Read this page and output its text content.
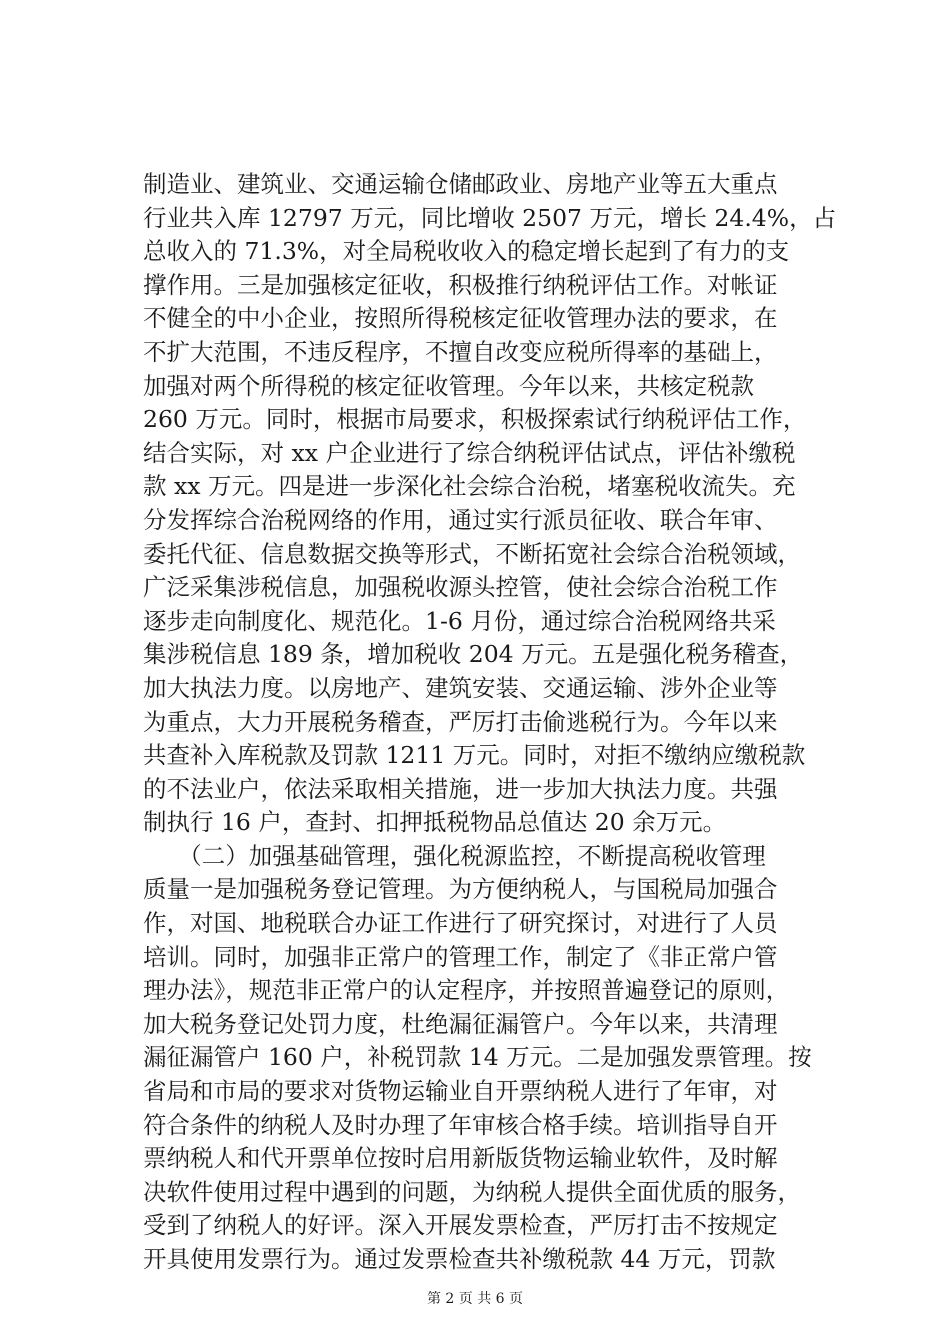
制造业、建筑业、交通运输仓储邮政业、房地产业等五大重点
行业共入库 12797 万元，同比增收 2507 万元，增长 24.4%，占
总收入的 71.3%，对全局税收收入的稳定增长起到了有力的支
撑作用。三是加强核定征收，积极推行纳税评估工作。对帐证
不健全的中小企业，按照所得税核定征收管理办法的要求，在
不扩大范围，不违反程序，不擅自改变应税所得率的基础上，
加强对两个所得税的核定征收管理。今年以来，共核定税款
260 万元。同时，根据市局要求，积极探索试行纳税评估工作，
结合实际，对 xx 户企业进行了综合纳税评估试点，评估补缴税
款 xx 万元。四是进一步深化社会综合治税，堵塞税收流失。充
分发挥综合治税网络的作用，通过实行派员征收、联合年审、
委托代征、信息数据交换等形式，不断拓宽社会综合治税领域，
广泛采集涉税信息，加强税收源头控管，使社会综合治税工作
逐步走向制度化、规范化。1-6 月份，通过综合治税网络共采
集涉税信息 189 条，增加税收 204 万元。五是强化税务稽查，
加大执法力度。以房地产、建筑安装、交通运输、涉外企业等
为重点，大力开展税务稽查，严厉打击偷逃税行为。今年以来
共查补入库税款及罚款 1211 万元。同时，对拒不缴纳应缴税款
的不法业户，依法采取相关措施，进一步加大执法力度。共强
制执行 16 户，查封、扣押抵税物品总值达 20 余万元。
　　（二）加强基础管理，强化税源监控，不断提高税收管理
质量一是加强税务登记管理。为方便纳税人，与国税局加强合
作，对国、地税联合办证工作进行了研究探讨，对进行了人员
培训。同时，加强非正常户的管理工作，制定了《非正常户管
理办法》，规范非正常户的认定程序，并按照普遍登记的原则，
加大税务登记处罚力度，杜绝漏征漏管户。今年以来，共清理
漏征漏管户 160 户，补税罚款 14 万元。二是加强发票管理。按
省局和市局的要求对货物运输业自开票纳税人进行了年审，对
符合条件的纳税人及时办理了年审核合格手续。培训指导自开
票纳税人和代开票单位按时启用新版货物运输业软件，及时解
决软件使用过程中遇到的问题，为纳税人提供全面优质的服务，
受到了纳税人的好评。深入开展发票检查，严厉打击不按规定
开具使用发票行为。通过发票检查共补缴税款 44 万元，罚款
第 2 页 共 6 页
